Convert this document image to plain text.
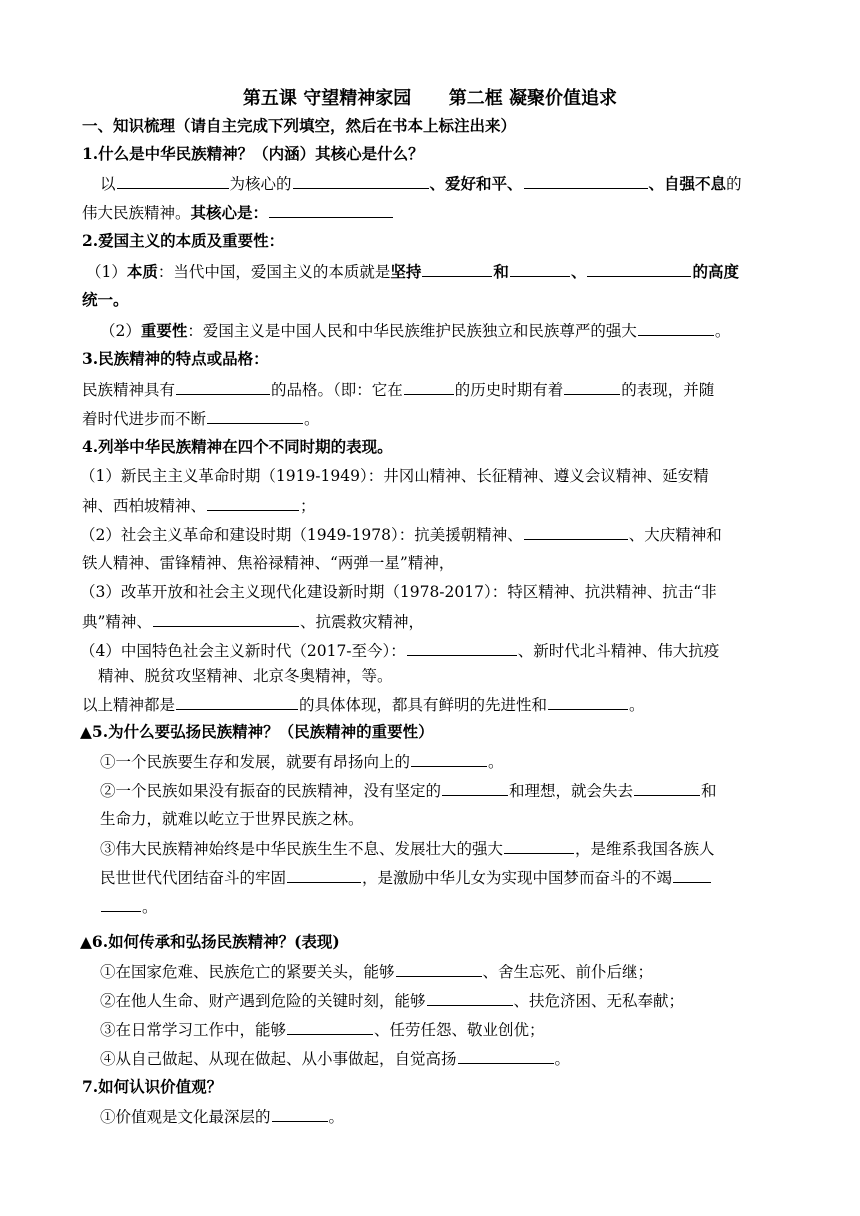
第五课 守望精神家园      第二框 凝聚价值追求
一、知识梳理（请自主完成下列填空，然后在书本上标注出来）
1.什么是中华民族精神？（内涵）其核心是什么？
以	为核心的	、爱好和平、	、自强不息的
伟大民族精神。其核心是：
2.爱国主义的本质及重要性：
（1）本质：当代中国，爱国主义的本质就是坚持	和	、	的高度
统一。
（2）重要性：爱国主义是中国人民和中华民族维护民族独立和民族尊严的强大	。
3.民族精神的特点或品格：
民族精神具有	的品格。（即：它在	的历史时期有着	的表现，并随
着时代进步而不断	。
4.列举中华民族精神在四个不同时期的表现。
（1）新民主主义革命时期（1919-1949）：井冈山精神、长征精神、遵义会议精神、延安精
神、西柏坡精神、	；
（2）社会主义革命和建设时期（1949-1978）：抗美援朝精神、	、大庆精神和
铁人精神、雷锋精神、焦裕禄精神、“两弹一星”精神，
（3）改革开放和社会主义现代化建设新时期（1978-2017）：特区精神、抗洪精神、抗击“非
典”精神、	、抗震救灾精神，
（4）中国特色社会主义新时代（2017-至今）：	、新时代北斗精神、伟大抗疫
精神、脱贫攻坚精神、北京冬奥精神，等。
以上精神都是	的具体体现，都具有鲜明的先进性和	。
▲5.为什么要弘扬民族精神？（民族精神的重要性）
①一个民族要生存和发展，就要有昂扬向上的	。
②一个民族如果没有振奋的民族精神，没有坚定的	和理想，就会失去	和
生命力，就难以屹立于世界民族之林。
③伟大民族精神始终是中华民族生生不息、发展壮大的强大	，是维系我国各族人
民世世代代团结奋斗的牢固	，是激励中华儿女为实现中国梦而奋斗的不竭
。
▲6.如何传承和弘扬民族精神？(表现)
①在国家危难、民族危亡的紧要关头，能够	、舍生忘死、前仆后继；
②在他人生命、财产遇到危险的关键时刻，能够	、扶危济困、无私奉献；
③在日常学习工作中，能够	、任劳任怨、敬业创优；
④从自己做起、从现在做起、从小事做起，自觉高扬	。
7.如何认识价值观？
①价值观是文化最深层的	。
